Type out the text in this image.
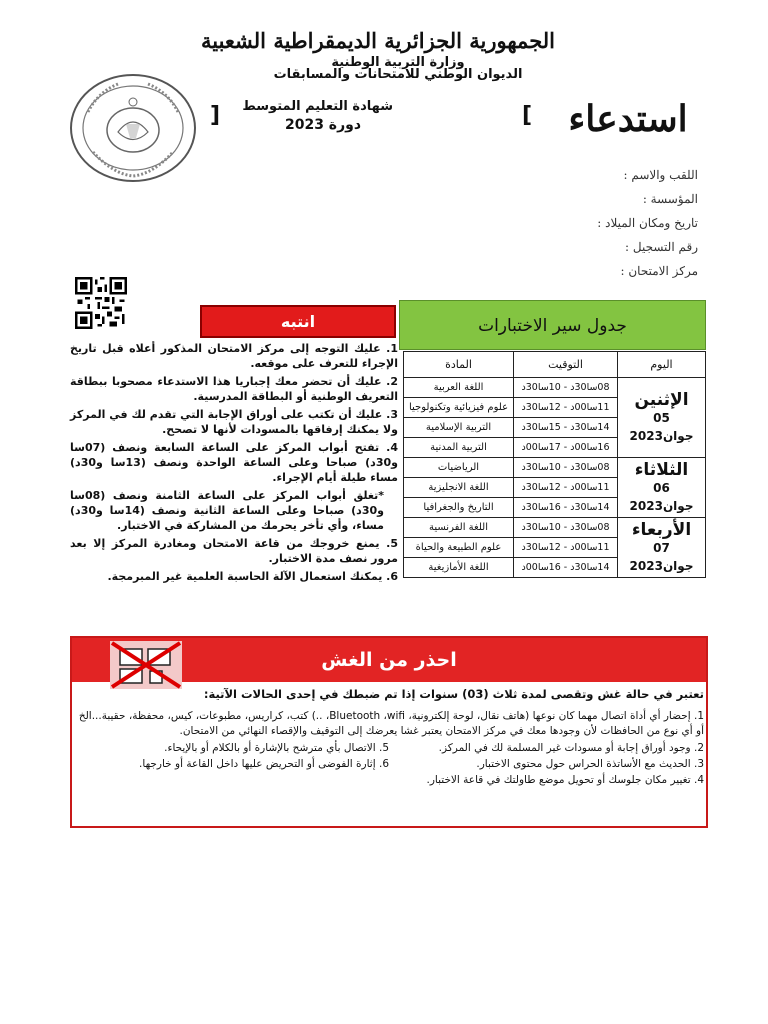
الجمهورية الجزائرية الديمقراطية الشعبية
وزارة التربية الوطنية
الديوان الوطني للامتحانات والمسابقات
استدعاء
[
] شهادة التعليم المتوسط
دورة 2023
اللقب والاسم :
المؤسسة :
تاريخ ومكان الميلاد :
رقم التسجيل :
مركز الامتحان :
جدول سير الاختبارات
اليوم	التوقيت	المادة

الإثنين
05 جوان2023	08سا30د - 10سا30د	اللغة العربية
	11سا00د - 12سا30د	علوم فيزيائية وتكنولوجيا
	14سا30د - 15سا30د	التربية الإسلامية
	16سا00د - 17سا00د	التربية المدنية

الثلاثاء
06 جوان2023	08سا30د - 10سا30د	الرياضيات
	11سا00د - 12سا30د	اللغة الانجليزية
	14سا30د - 16سا30د	التاريخ والجغرافيا

الأربعاء
07 جوان2023	08سا30د - 10سا30د	اللغة الفرنسية
	11سا00د - 12سا30د	علوم الطبيعة والحياة
	14سا30د - 16سا00د	اللغة الأمازيغية
انتبه
1. عليك التوجه إلى مركز الامتحان المذكور أعلاه قبل تاريخ الإجراء للتعرف على موقعه.
2. عليك أن تحضر معك إجباريا هذا الاستدعاء مصحوبا ببطاقة التعريف الوطنية أو البطاقة المدرسية.
3. عليك أن تكتب على أوراق الإجابة التي تقدم لك في المركز ولا يمكنك إرفاقها بالمسودات لأنها لا تصحح.
4. تفتح أبواب المركز على الساعة السابعة ونصف (07سا و30د) صباحا وعلى الساعة الواحدة ونصف (13سا و30د) مساء طيلة أيام الإجراء.
*تغلق أبواب المركز على الساعة الثامنة ونصف (08سا و30د) صباحا وعلى الساعة الثانية ونصف (14سا و30د) مساء، وأي تأخر يحرمك من المشاركة في الاختبار.
5. يمنع خروجك من قاعة الامتحان ومغادرة المركز إلا بعد مرور نصف مدة الاختبار.
6. يمكنك استعمال الآلة الحاسبة العلمية غير المبرمجة.
احذر من الغش
تعتبر في حالة غش وتقصى لمدة ثلاث (03) سنوات إذا تم ضبطك في إحدى الحالات الآتية:
1. إحضار أي أداة اتصال مهما كان نوعها (هاتف نقال، لوحة إلكترونية، Bluetooth ،wifi، ..) كتب، كراريس، مطبوعات، كيس، محفظة، حقيبة...الخ أو أي نوع من الحافظات لأن وجودها معك في مركز الامتحان يعتبر غشا يعرضك إلى التوقيف والإقصاء النهائي من الامتحان.
2. وجود أوراق إجابة أو مسودات غير المسلمة لك في المركز.
3. الحديث مع الأساتذة الحراس حول محتوى الاختبار.
4. تغيير مكان جلوسك أو تحويل موضع طاولتك في قاعة الاختبار.
5. الاتصال بأي مترشح بالإشارة أو بالكلام أو بالإيحاء.
6. إثارة الفوضى أو التحريض عليها داخل القاعة أو خارجها.
